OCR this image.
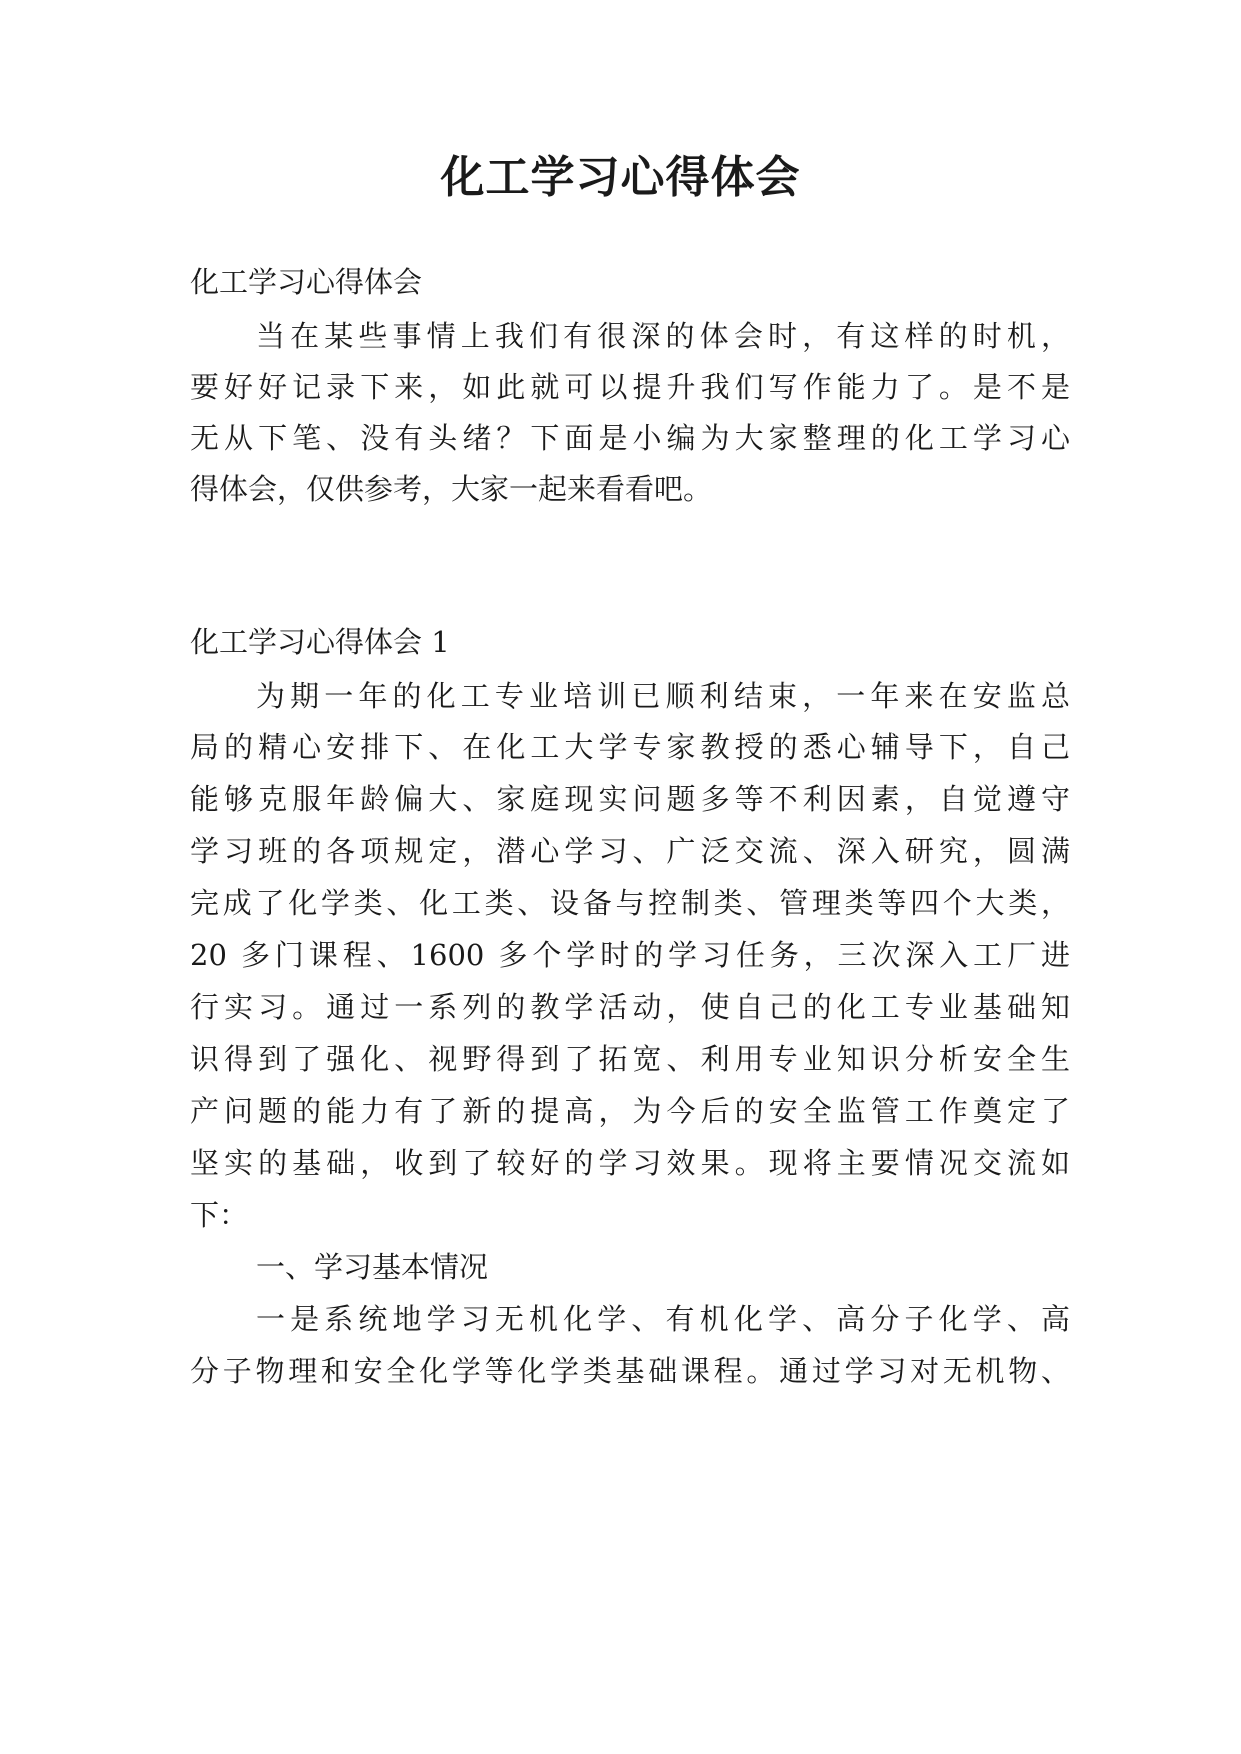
化工学习心得体会
化工学习心得体会
当在某些事情上我们有很深的体会时，有这样的时机，
要好好记录下来，如此就可以提升我们写作能力了。是不是
无从下笔、没有头绪？下面是小编为大家整理的化工学习心
得体会，仅供参考，大家一起来看看吧。
化工学习心得体会 1
为期一年的化工专业培训已顺利结束，一年来在安监总
局的精心安排下、在化工大学专家教授的悉心辅导下，自己
能够克服年龄偏大、家庭现实问题多等不利因素，自觉遵守
学习班的各项规定，潜心学习、广泛交流、深入研究，圆满
完成了化学类、化工类、设备与控制类、管理类等四个大类，
20 多门课程、1600 多个学时的学习任务，三次深入工厂进
行实习。通过一系列的教学活动，使自己的化工专业基础知
识得到了强化、视野得到了拓宽、利用专业知识分析安全生
产问题的能力有了新的提高，为今后的安全监管工作奠定了
坚实的基础，收到了较好的学习效果。现将主要情况交流如
下：
一、学习基本情况
一是系统地学习无机化学、有机化学、高分子化学、高
分子物理和安全化学等化学类基础课程。通过学习对无机物、
